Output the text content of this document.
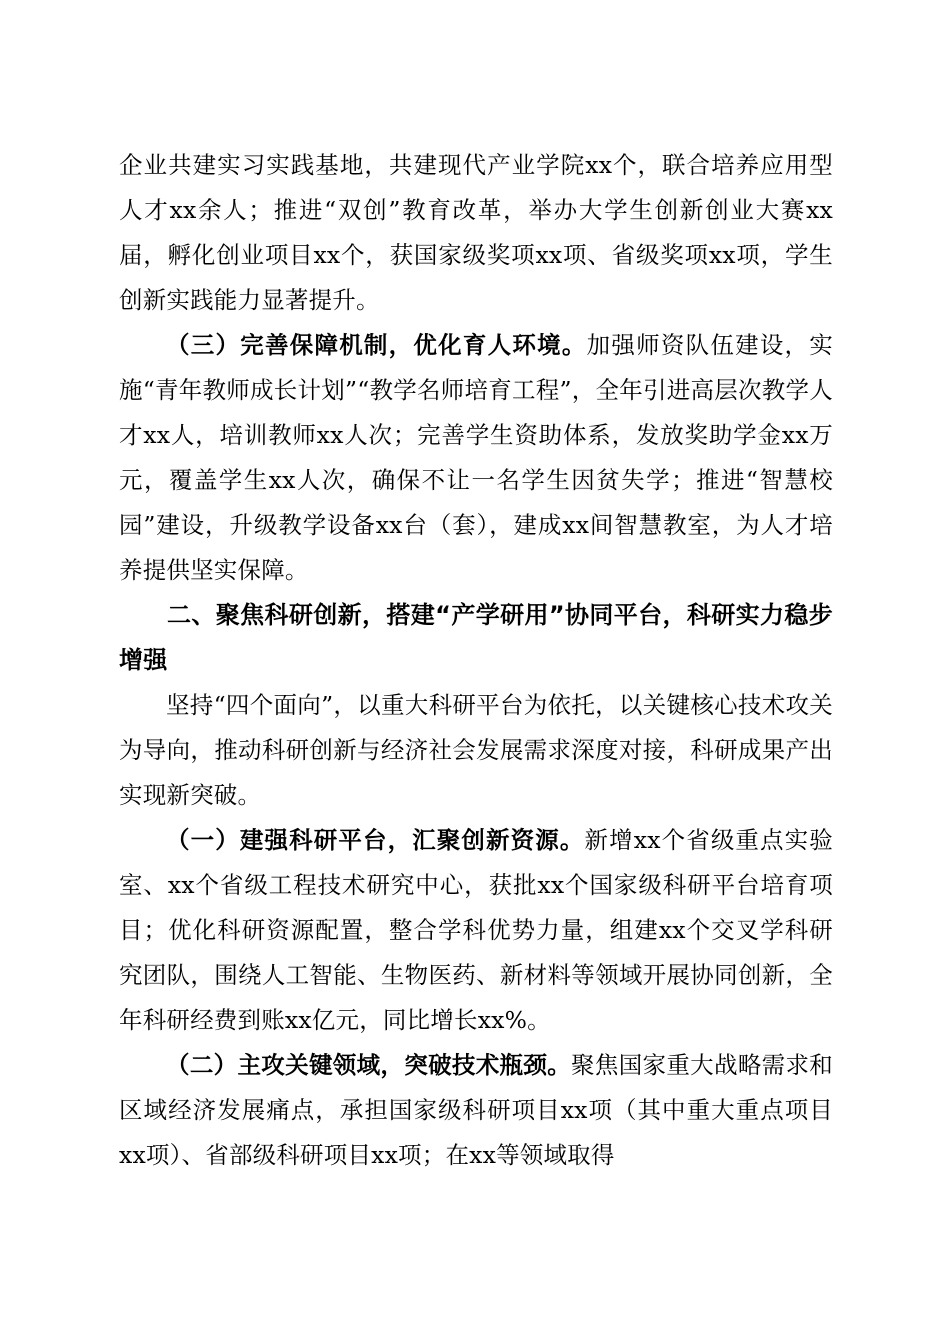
企业共建实习实践基地，共建现代产业学院xx个，联合培养应用型人才xx余人；推进“双创”教育改革，举办大学生创新创业大赛xx届，孵化创业项目xx个，获国家级奖项xx项、省级奖项xx项，学生创新实践能力显著提升。

（三）完善保障机制，优化育人环境。加强师资队伍建设，实施“青年教师成长计划”“教学名师培育工程”，全年引进高层次教学人才xx人，培训教师xx人次；完善学生资助体系，发放奖助学金xx万元，覆盖学生xx人次，确保不让一名学生因贫失学；推进“智慧校园”建设，升级教学设备xx台（套），建成xx间智慧教室，为人才培养提供坚实保障。

二、聚焦科研创新，搭建“产学研用”协同平台，科研实力稳步增强

坚持“四个面向”，以重大科研平台为依托，以关键核心技术攻关为导向，推动科研创新与经济社会发展需求深度对接，科研成果产出实现新突破。

（一）建强科研平台，汇聚创新资源。新增xx个省级重点实验室、xx个省级工程技术研究中心，获批xx个国家级科研平台培育项目；优化科研资源配置，整合学科优势力量，组建xx个交叉学科研究团队，围绕人工智能、生物医药、新材料等领域开展协同创新，全年科研经费到账xx亿元，同比增长xx%。

（二）主攻关键领域，突破技术瓶颈。聚焦国家重大战略需求和区域经济发展痛点，承担国家级科研项目xx项（其中重大重点项目xx项）、省部级科研项目xx项；在xx等领域取得
